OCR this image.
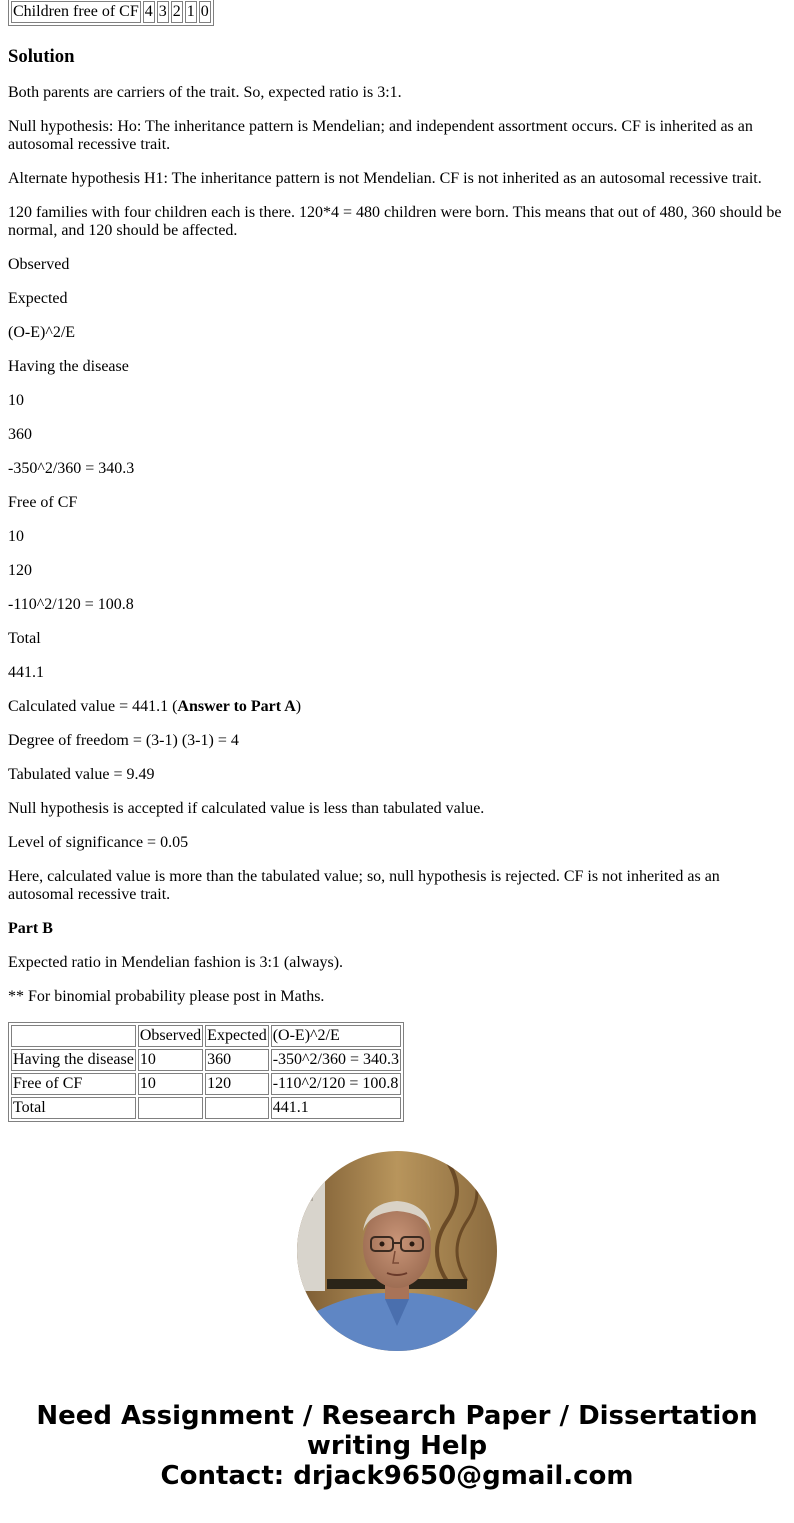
Children free of CF	4	3	2	1	0
Solution

Both parents are carriers of the trait. So, expected ratio is 3:1.

Null hypothesis: Ho: The inheritance pattern is Mendelian; and independent assortment occurs. CF is inherited as an autosomal recessive trait.

Alternate hypothesis H1: The inheritance pattern is not Mendelian. CF is not inherited as an autosomal recessive trait.

120 families with four children each is there. 120*4 = 480 children were born. This means that out of 480, 360 should be normal, and 120 should be affected.

Observed

Expected

(O-E)^2/E

Having the disease

10

360

-350^2/360 = 340.3

Free of CF

10

120

-110^2/120 = 100.8

Total

441.1

Calculated value = 441.1 (Answer to Part A)

Degree of freedom = (3-1) (3-1) = 4

Tabulated value = 9.49

Null hypothesis is accepted if calculated value is less than tabulated value.

Level of significance = 0.05

Here, calculated value is more than the tabulated value; so, null hypothesis is rejected. CF is not inherited as an autosomal recessive trait.

Part B

Expected ratio in Mendelian fashion is 3:1 (always).

** For binomial probability please post in Maths.

	Observed	Expected	(O-E)^2/E
Having the disease	10	360	-350^2/360 = 340.3
Free of CF	10	120	-110^2/120 = 100.8
Total			441.1
Need Assignment / Research Paper / Dissertation
writing Help
Contact: drjack9650@gmail.com
